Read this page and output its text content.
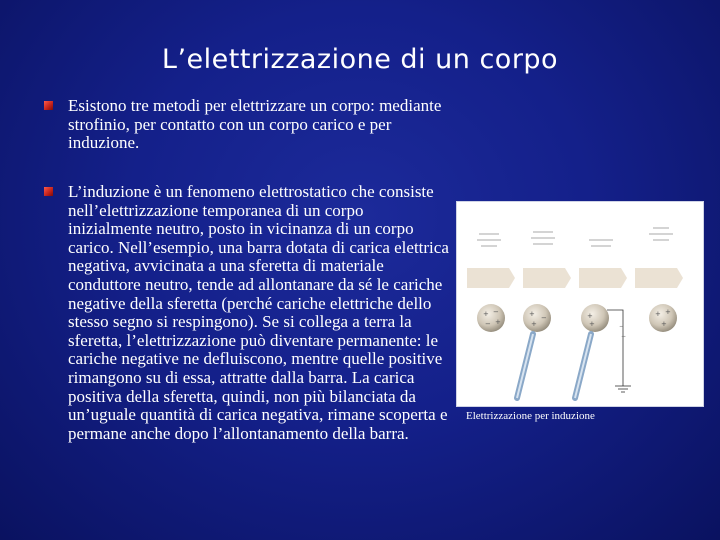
L’elettrizzazione di un corpo
Esistono tre metodi per elettrizzare un corpo: mediante strofinio, per contatto con un corpo carico e per induzione.
L’induzione è un fenomeno elettrostatico che consiste nell’elettrizzazione temporanea di un corpo inizialmente neutro, posto in vicinanza di un corpo carico. Nell’esempio, una barra dotata di carica elettrica negativa, avvicinata a una sferetta di materiale conduttore neutro, tende ad allontanare da sé le cariche negative della sferetta (perché cariche elettriche dello stesso segno si respingono). Se si collega a terra la sferetta, l’elettrizzazione può diventare permanente: le cariche negative ne defluiscono, mentre quelle positive rimangono su di essa, attratte dalla barra. La carica positiva della sferetta, quindi, non più bilanciata da un’uguale quantità di carica negativa, rimane scoperta e permane anche dopo l’allontanamento della barra.
+ −
− +
+ −
+
+
+
+ +
+
−
−
Elettrizzazione per induzione
